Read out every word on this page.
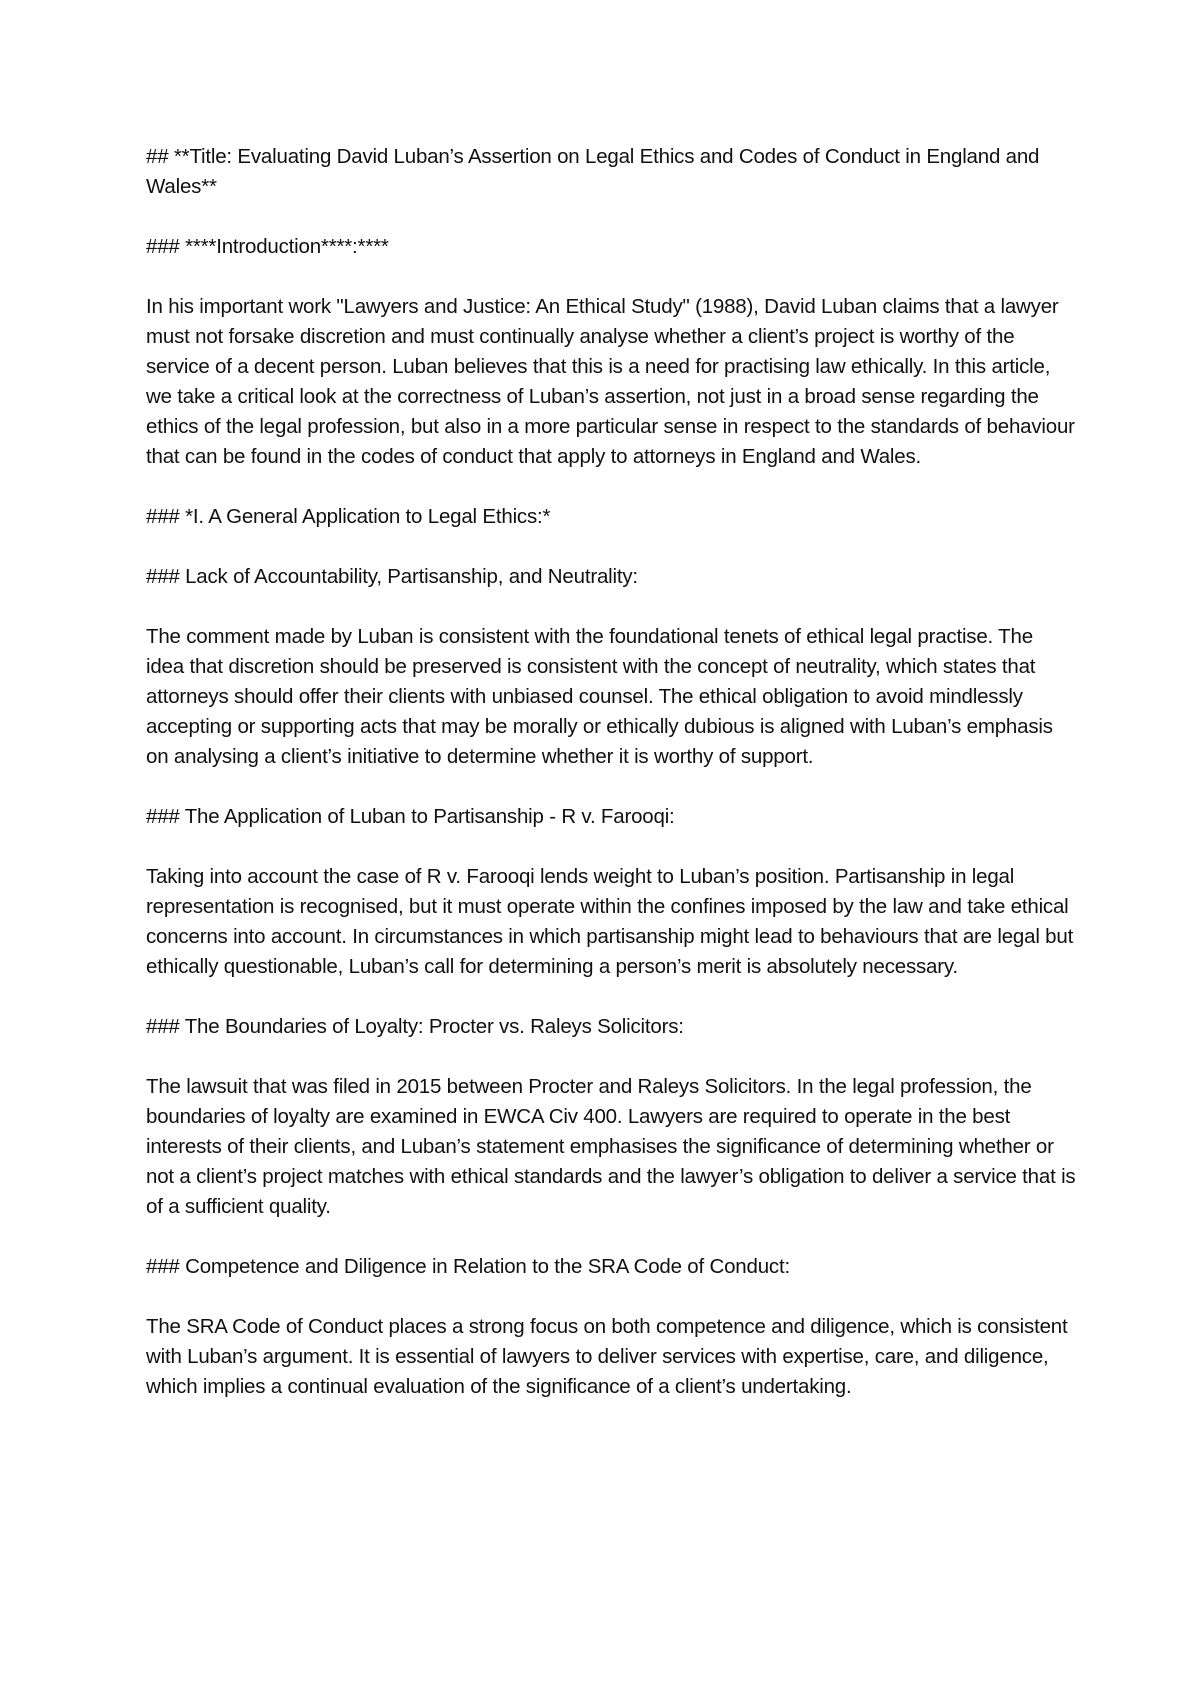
## **Title: Evaluating David Luban’s Assertion on Legal Ethics and Codes of Conduct in England and Wales**
### ****Introduction****:****
In his important work "Lawyers and Justice: An Ethical Study" (1988), David Luban claims that a lawyer must not forsake discretion and must continually analyse whether a client’s project is worthy of the service of a decent person. Luban believes that this is a need for practising law ethically. In this article, we take a critical look at the correctness of Luban’s assertion, not just in a broad sense regarding the ethics of the legal profession, but also in a more particular sense in respect to the standards of behaviour that can be found in the codes of conduct that apply to attorneys in England and Wales.
### *I. A General Application to Legal Ethics:*
### Lack of Accountability, Partisanship, and Neutrality:
The comment made by Luban is consistent with the foundational tenets of ethical legal practise. The idea that discretion should be preserved is consistent with the concept of neutrality, which states that attorneys should offer their clients with unbiased counsel. The ethical obligation to avoid mindlessly accepting or supporting acts that may be morally or ethically dubious is aligned with Luban’s emphasis on analysing a client’s initiative to determine whether it is worthy of support.
### The Application of Luban to Partisanship - R v. Farooqi:
Taking into account the case of R v. Farooqi lends weight to Luban’s position. Partisanship in legal representation is recognised, but it must operate within the confines imposed by the law and take ethical concerns into account. In circumstances in which partisanship might lead to behaviours that are legal but ethically questionable, Luban’s call for determining a person’s merit is absolutely necessary.
### The Boundaries of Loyalty: Procter vs. Raleys Solicitors:
The lawsuit that was filed in 2015 between Procter and Raleys Solicitors. In the legal profession, the boundaries of loyalty are examined in EWCA Civ 400. Lawyers are required to operate in the best interests of their clients, and Luban’s statement emphasises the significance of determining whether or not a client’s project matches with ethical standards and the lawyer’s obligation to deliver a service that is of a sufficient quality.
### Competence and Diligence in Relation to the SRA Code of Conduct:
The SRA Code of Conduct places a strong focus on both competence and diligence, which is consistent with Luban’s argument. It is essential of lawyers to deliver services with expertise, care, and diligence, which implies a continual evaluation of the significance of a client’s undertaking.
